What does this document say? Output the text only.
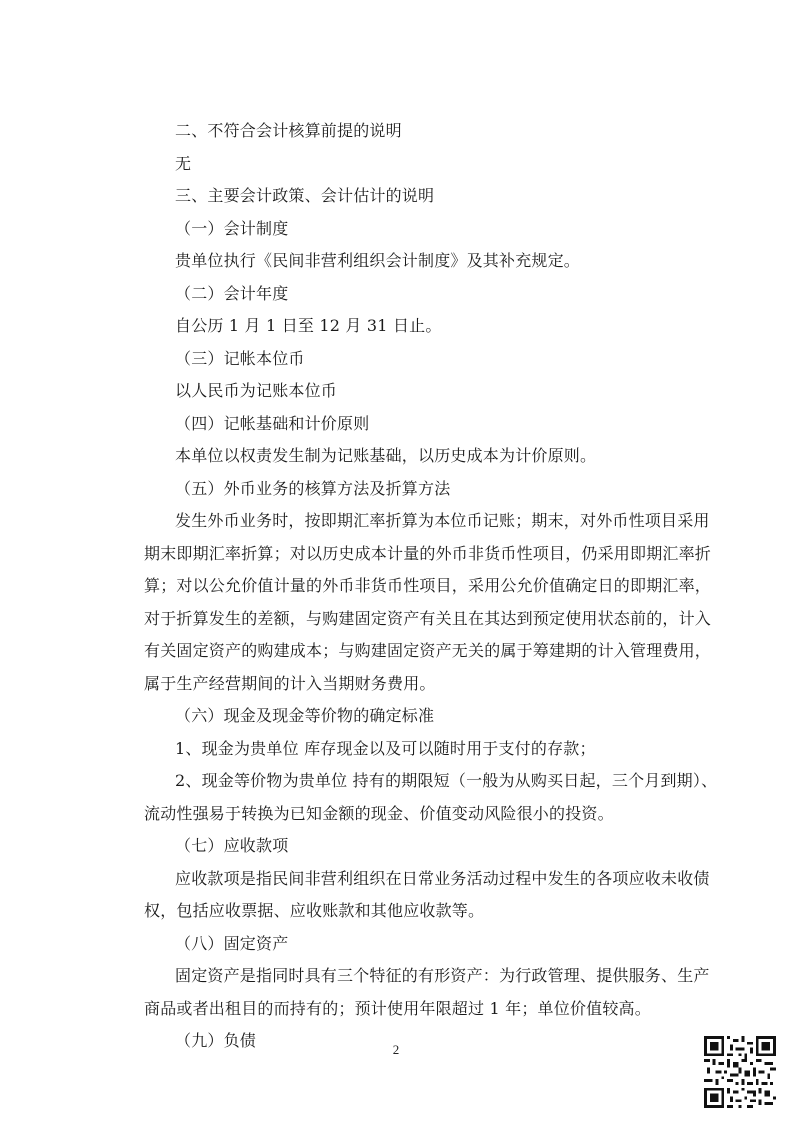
二、不符合会计核算前提的说明
无
三、主要会计政策、会计估计的说明
（一）会计制度
贵单位执行《民间非营利组织会计制度》及其补充规定。
（二）会计年度
自公历 1 月 1 日至 12 月 31 日止。
（三）记帐本位币
以人民币为记账本位币
（四）记帐基础和计价原则
本单位以权责发生制为记账基础，以历史成本为计价原则。
（五）外币业务的核算方法及折算方法
发生外币业务时，按即期汇率折算为本位币记账；期末，对外币性项目采用
期末即期汇率折算；对以历史成本计量的外币非货币性项目，仍采用即期汇率折
算；对以公允价值计量的外币非货币性项目，采用公允价值确定日的即期汇率，
对于折算发生的差额，与购建固定资产有关且在其达到预定使用状态前的，计入
有关固定资产的购建成本；与购建固定资产无关的属于筹建期的计入管理费用，
属于生产经营期间的计入当期财务费用。
（六）现金及现金等价物的确定标准
1、现金为贵单位 库存现金以及可以随时用于支付的存款；
2、现金等价物为贵单位 持有的期限短（一般为从购买日起，三个月到期）、
流动性强易于转换为已知金额的现金、价值变动风险很小的投资。
（七）应收款项
应收款项是指民间非营利组织在日常业务活动过程中发生的各项应收未收债
权，包括应收票据、应收账款和其他应收款等。
（八）固定资产
固定资产是指同时具有三个特征的有形资产：为行政管理、提供服务、生产
商品或者出租目的而持有的；预计使用年限超过 1 年；单位价值较高。
（九）负债	2
